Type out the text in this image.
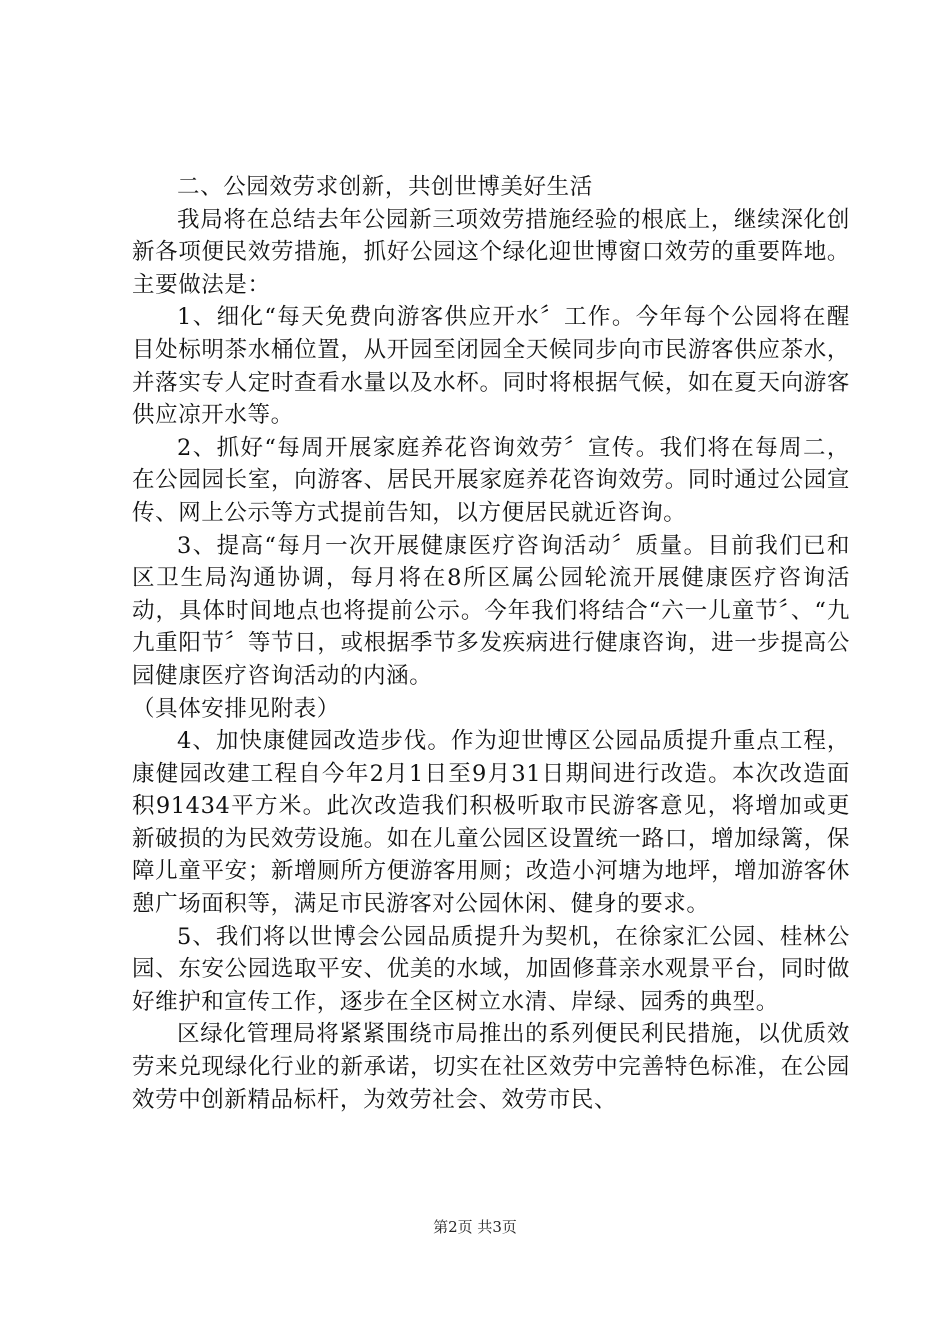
二、公园效劳求创新，共创世博美好生活

我局将在总结去年公园新三项效劳措施经验的根底上，继续深化创新各项便民效劳措施，抓好公园这个绿化迎世博窗口效劳的重要阵地。主要做法是：

1、细化“每天免费向游客供应开水〞工作。今年每个公园将在醒目处标明茶水桶位置，从开园至闭园全天候同步向市民游客供应茶水，并落实专人定时查看水量以及水杯。同时将根据气候，如在夏天向游客供应凉开水等。

2、抓好“每周开展家庭养花咨询效劳〞宣传。我们将在每周二，在公园园长室，向游客、居民开展家庭养花咨询效劳。同时通过公园宣传、网上公示等方式提前告知，以方便居民就近咨询。

3、提高“每月一次开展健康医疗咨询活动〞质量。目前我们已和区卫生局沟通协调，每月将在8所区属公园轮流开展健康医疗咨询活动，具体时间地点也将提前公示。今年我们将结合“六一儿童节〞、“九九重阳节〞等节日，或根据季节多发疾病进行健康咨询，进一步提高公园健康医疗咨询活动的内涵。

（具体安排见附表）

4、加快康健园改造步伐。作为迎世博区公园品质提升重点工程，康健园改建工程自今年2月1日至9月31日期间进行改造。本次改造面积91434平方米。此次改造我们积极听取市民游客意见，将增加或更新破损的为民效劳设施。如在儿童公园区设置统一路口，增加绿篱，保障儿童平安；新增厕所方便游客用厕；改造小河塘为地坪，增加游客休憩广场面积等，满足市民游客对公园休闲、健身的要求。

5、我们将以世博会公园品质提升为契机，在徐家汇公园、桂林公园、东安公园选取平安、优美的水域，加固修葺亲水观景平台，同时做好维护和宣传工作，逐步在全区树立水清、岸绿、园秀的典型。

区绿化管理局将紧紧围绕市局推出的系列便民利民措施，以优质效劳来兑现绿化行业的新承诺，切实在社区效劳中完善特色标准，在公园效劳中创新精品标杆，为效劳社会、效劳市民、

第2页 共3页
